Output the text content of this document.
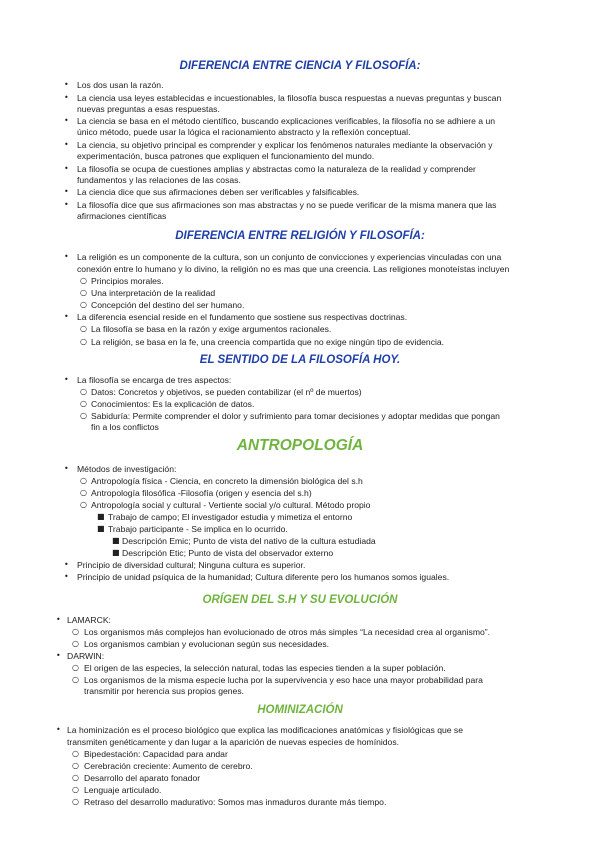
DIFERENCIA ENTRE CIENCIA Y FILOSOFÍA:
• Los dos usan la razón.
• La ciencia usa leyes establecidas e incuestionables, la filosofía busca respuestas a nuevas preguntas y buscan
nuevas preguntas a esas respuestas.
• La ciencia se basa en el método científico, buscando explicaciones verificables, la filosofía no se adhiere a un
único método, puede usar la lógica el racionamiento abstracto y la reflexión conceptual.
• La ciencia, su objetivo principal es comprender y explicar los fenómenos naturales mediante la observación y
experimentación, busca patrones que expliquen el funcionamiento del mundo.
• La filosofía se ocupa de cuestiones amplias y abstractas como la naturaleza de la realidad y comprender
fundamentos y las relaciones de las cosas.
• La ciencia dice que sus afirmaciones deben ser verificables y falsificables.
• La filosofía dice que sus afirmaciones son mas abstractas y no se puede verificar de la misma manera que las
afirmaciones científicas
DIFERENCIA ENTRE RELIGIÓN Y FILOSOFÍA:
• La religión es un componente de la cultura, son un conjunto de convicciones y experiencias vinculadas con una
conexión entre lo humano y lo divino, la religión no es mas que una creencia. Las religiones monoteístas incluyen
○ Principios morales.
○ Una interpretación de la realidad
○ Concepción del destino del ser humano.
• La diferencia esencial reside en el fundamento que sostiene sus respectivas doctrinas.
○ La filosofía se basa en la razón y exige argumentos racionales.
○ La religión, se basa en la fe, una creencia compartida que no exige ningún tipo de evidencia.
EL SENTIDO DE LA FILOSOFÍA HOY.
• La filosofía se encarga de tres aspectos:
○ Datos: Concretos y objetivos, se pueden contabilizar (el nº de muertos)
○ Conocimientos: Es la explicación de datos.
○ Sabiduría: Permite comprender el dolor y sufrimiento para tomar decisiones y adoptar medidas que pongan
fin a los conflictos
ANTROPOLOGÍA
• Métodos de investigación:
○ Antropología física - Ciencia, en concreto la dimensión biológica del s.h
○ Antropología filosófica -Filosofía (origen y esencia del s.h)
○ Antropología social y cultural - Vertiente social y/o cultural. Método propio
■ Trabajo de campo; El investigador estudia y mimetiza el entorno
■ Trabajo participante - Se implica en lo ocurrido.
■ Descripción Emic; Punto de vista del nativo de la cultura estudiada
■ Descripción Etic; Punto de vista del observador externo
• Principio de diversidad cultural; Ninguna cultura es superior.
• Principio de unidad psíquica de la humanidad; Cultura diferente pero los humanos somos iguales.
ORÍGEN DEL S.H Y SU EVOLUCIÓN
• LAMARCK:
○ Los organismos más complejos han evolucionado de otros más simples “La necesidad crea al organismo”.
○ Los organismos cambian y evolucionan según sus necesidades.
• DARWIN:
○ El origen de las especies, la selección natural, todas las especies tienden a la super población.
○ Los organismos de la misma especie lucha por la supervivencia y eso hace una mayor probabilidad para
transmitir por herencia sus propios genes.
HOMINIZACIÓN
• La hominización es el proceso biológico que explica las modificaciones anatómicas y fisiológicas que se
transmiten genéticamente y dan lugar a la aparición de nuevas especies de homínidos.
○ Bipedestación: Capacidad para andar
○ Cerebración creciente: Aumento de cerebro.
○ Desarrollo del aparato fonador
○ Lenguaje articulado.
○ Retraso del desarrollo madurativo: Somos mas inmaduros durante más tiempo.
